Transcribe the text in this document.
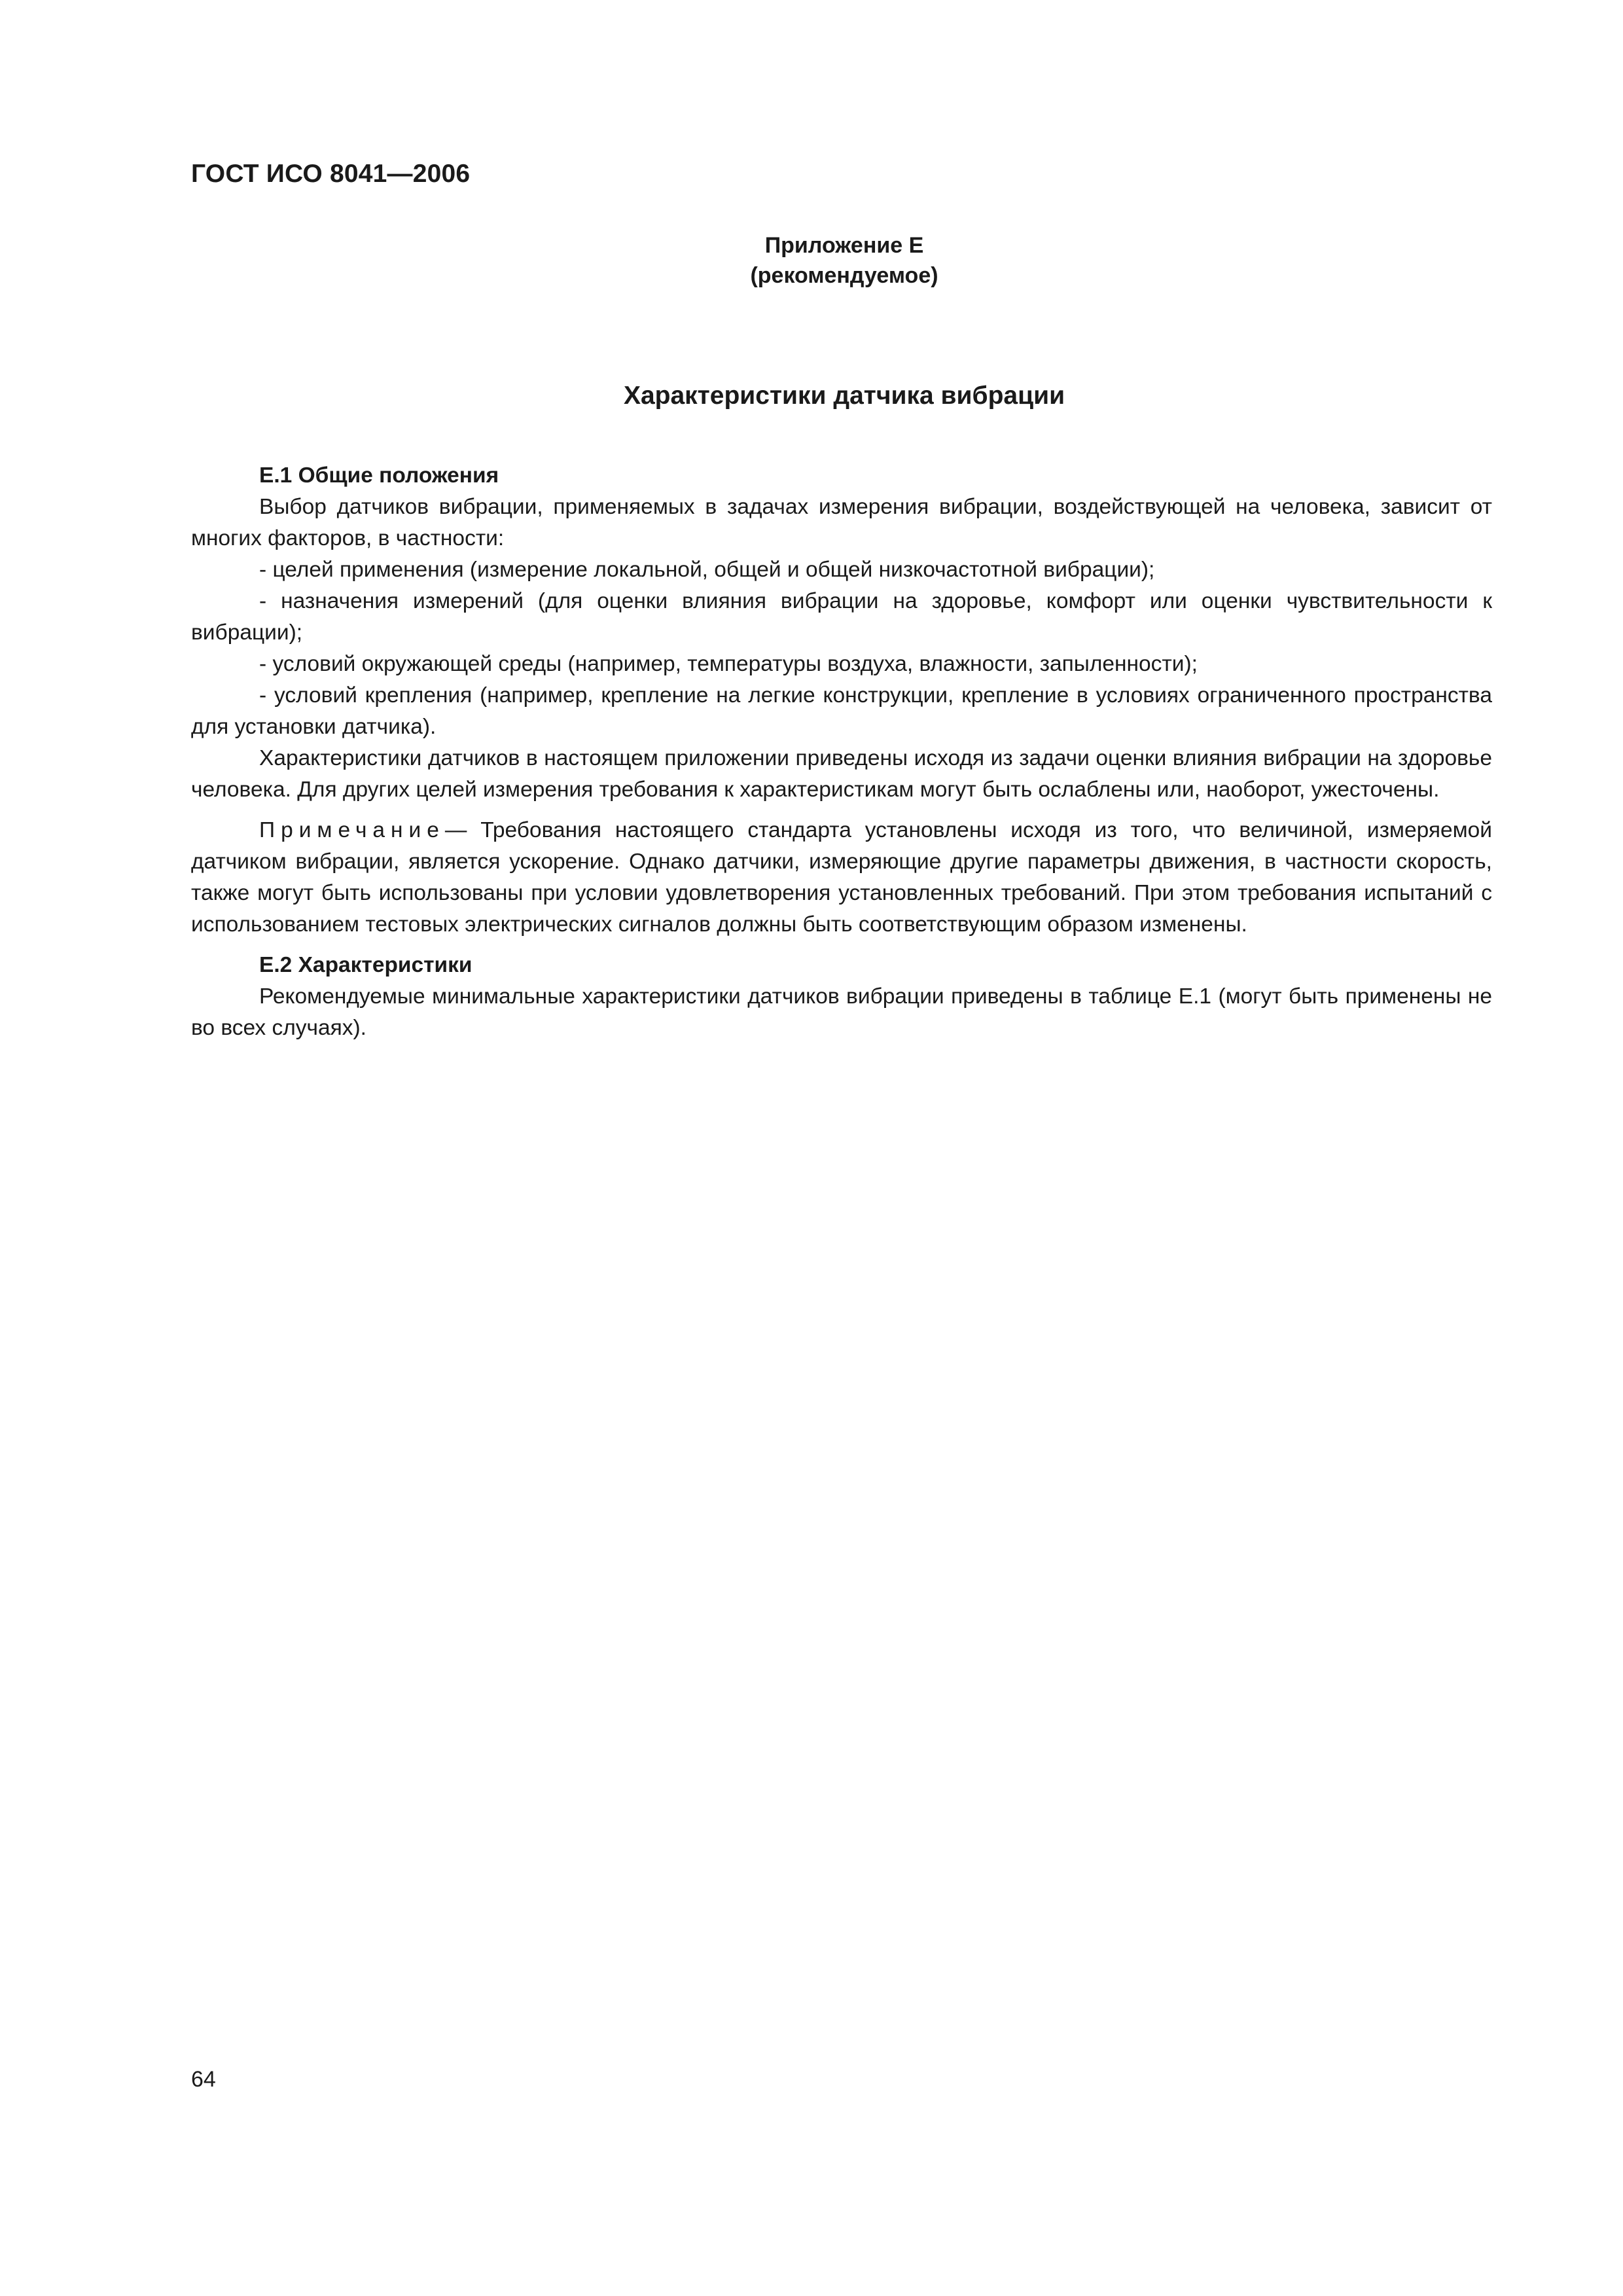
ГОСТ ИСО 8041—2006
Приложение Е
(рекомендуемое)
Характеристики датчика вибрации

Е.1 Общие положения

Выбор датчиков вибрации, применяемых в задачах измерения вибрации, воздействующей на человека, зависит от многих факторов, в частности:

- целей применения (измерение локальной, общей и общей низкочастотной вибрации);

- назначения измерений (для оценки влияния вибрации на здоровье, комфорт или оценки чувствительности к вибрации);

- условий окружающей среды (например, температуры воздуха, влажности, запыленности);

- условий крепления (например, крепление на легкие конструкции, крепление в условиях ограниченного пространства для установки датчика).

Характеристики датчиков в настоящем приложении приведены исходя из задачи оценки влияния вибрации на здоровье человека. Для других целей измерения требования к характеристикам могут быть ослаблены или, наоборот, ужесточены.

Примечание— Требования настоящего стандарта установлены исходя из того, что величиной, измеряемой датчиком вибрации, является ускорение. Однако датчики, измеряющие другие параметры движения, в частности скорость, также могут быть использованы при условии удовлетворения установленных требований. При этом требования испытаний с использованием тестовых электрических сигналов должны быть соответствующим образом изменены.

Е.2 Характеристики

Рекомендуемые минимальные характеристики датчиков вибрации приведены в таблице Е.1 (могут быть применены не во всех случаях).

64
